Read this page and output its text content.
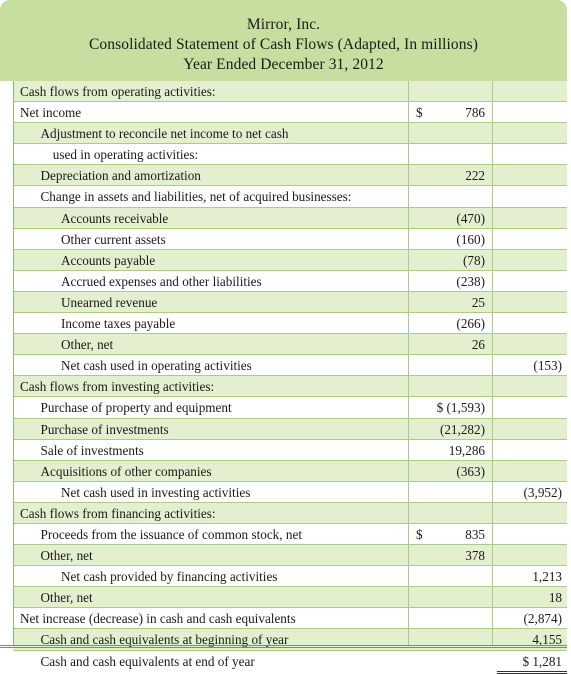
Mirror, Inc.
Consolidated Statement of Cash Flows (Adapted, In millions)
Year Ended December 31, 2012
Cash flows from operating activities:
Net income	$	786
Adjustment to reconcile net income to net cash
used in operating activities:
Depreciation and amortization	222
Change in assets and liabilities, net of acquired businesses:
Accounts receivable	(470)
Other current assets	(160)
Accounts payable	(78)
Accrued expenses and other liabilities	(238)
Unearned revenue	25
Income taxes payable	(266)
Other, net	26
Net cash used in operating activities	(153)
Cash flows from investing activities:
Purchase of property and equipment	$ (1,593)
Purchase of investments	(21,282)
Sale of investments	19,286
Acquisitions of other companies	(363)
Net cash used in investing activities	(3,952)
Cash flows from financing activities:
Proceeds from the issuance of common stock, net	$	835
Other, net	378
Net cash provided by financing activities	1,213
Other, net	18
Net increase (decrease) in cash and cash equivalents	(2,874)
Cash and cash equivalents at beginning of year	4,155
Cash and cash equivalents at end of year	$ 1,281
